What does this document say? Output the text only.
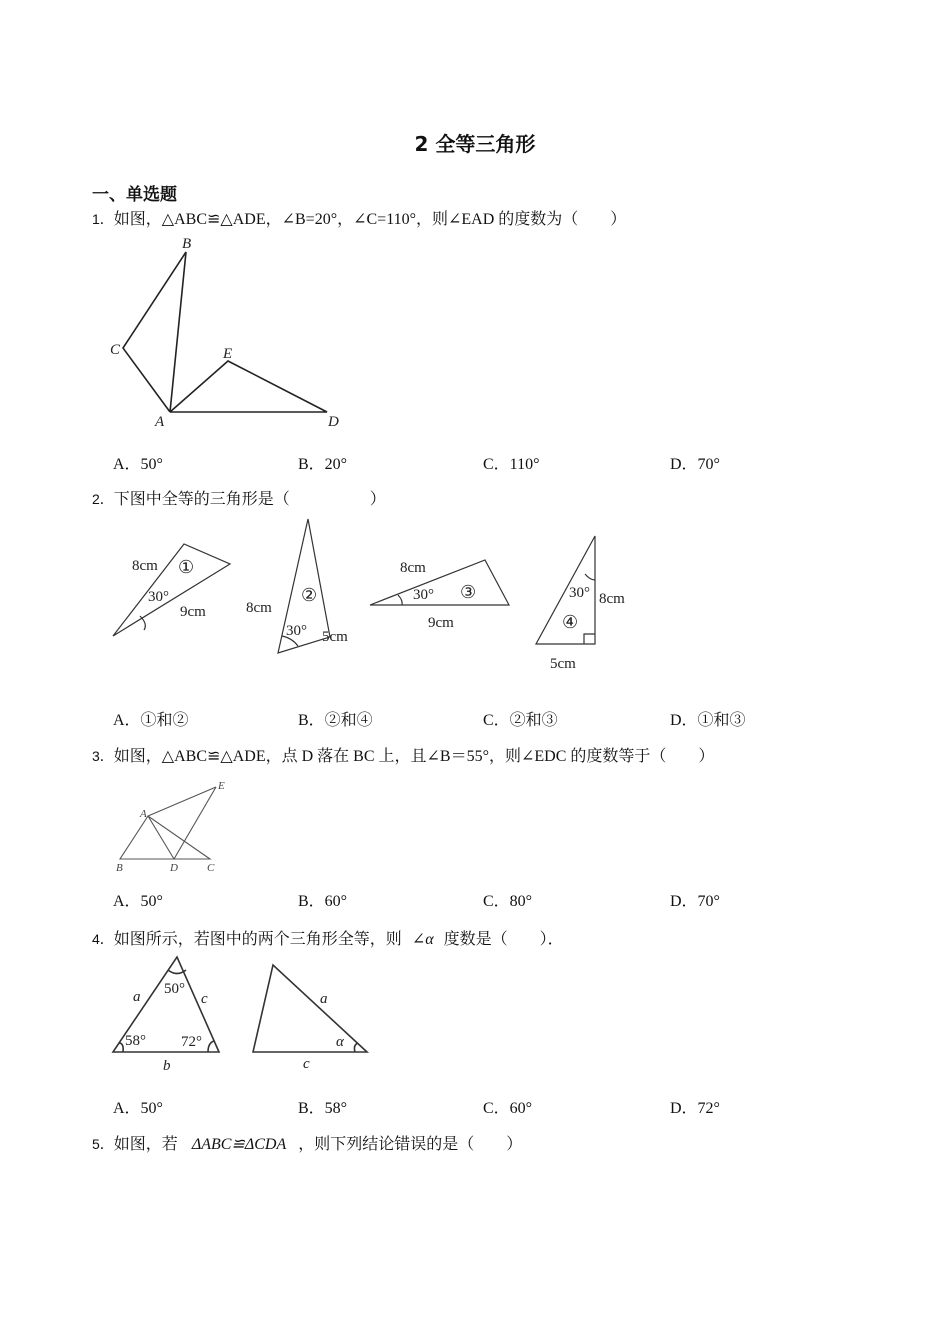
2 全等三角形
一、单选题
1．如图，△ABC≌△ADE，∠B=20°，∠C=110°，则∠EAD 的度数为（　　）
B
C	E
A	D
A．50°	B．20°	C．110°	D．70°
2．下图中全等的三角形是（　　　　　）
8cm ①
30°
9cm	8cm
②
30° 5cm
8cm
30° ③
9cm
30° 8cm
④
5cm
A．①和②	B．②和④	C．②和③	D．①和③
3．如图，△ABC≌△ADE，点 D 落在 BC 上，且∠B＝55°，则∠EDC 的度数等于（　　）
A
E
B	D	C
A．50°	B．60°	C．80°	D．70°
4．如图所示，若图中的两个三角形全等，则 ∠α 度数是（　　）．
50°
a	c
58° 72°
b
a
α
c
A．50°	B．58°	C．60°	D．72°
5．如图，若 ΔABC≌ΔCDA ，则下列结论错误的是（　　）
